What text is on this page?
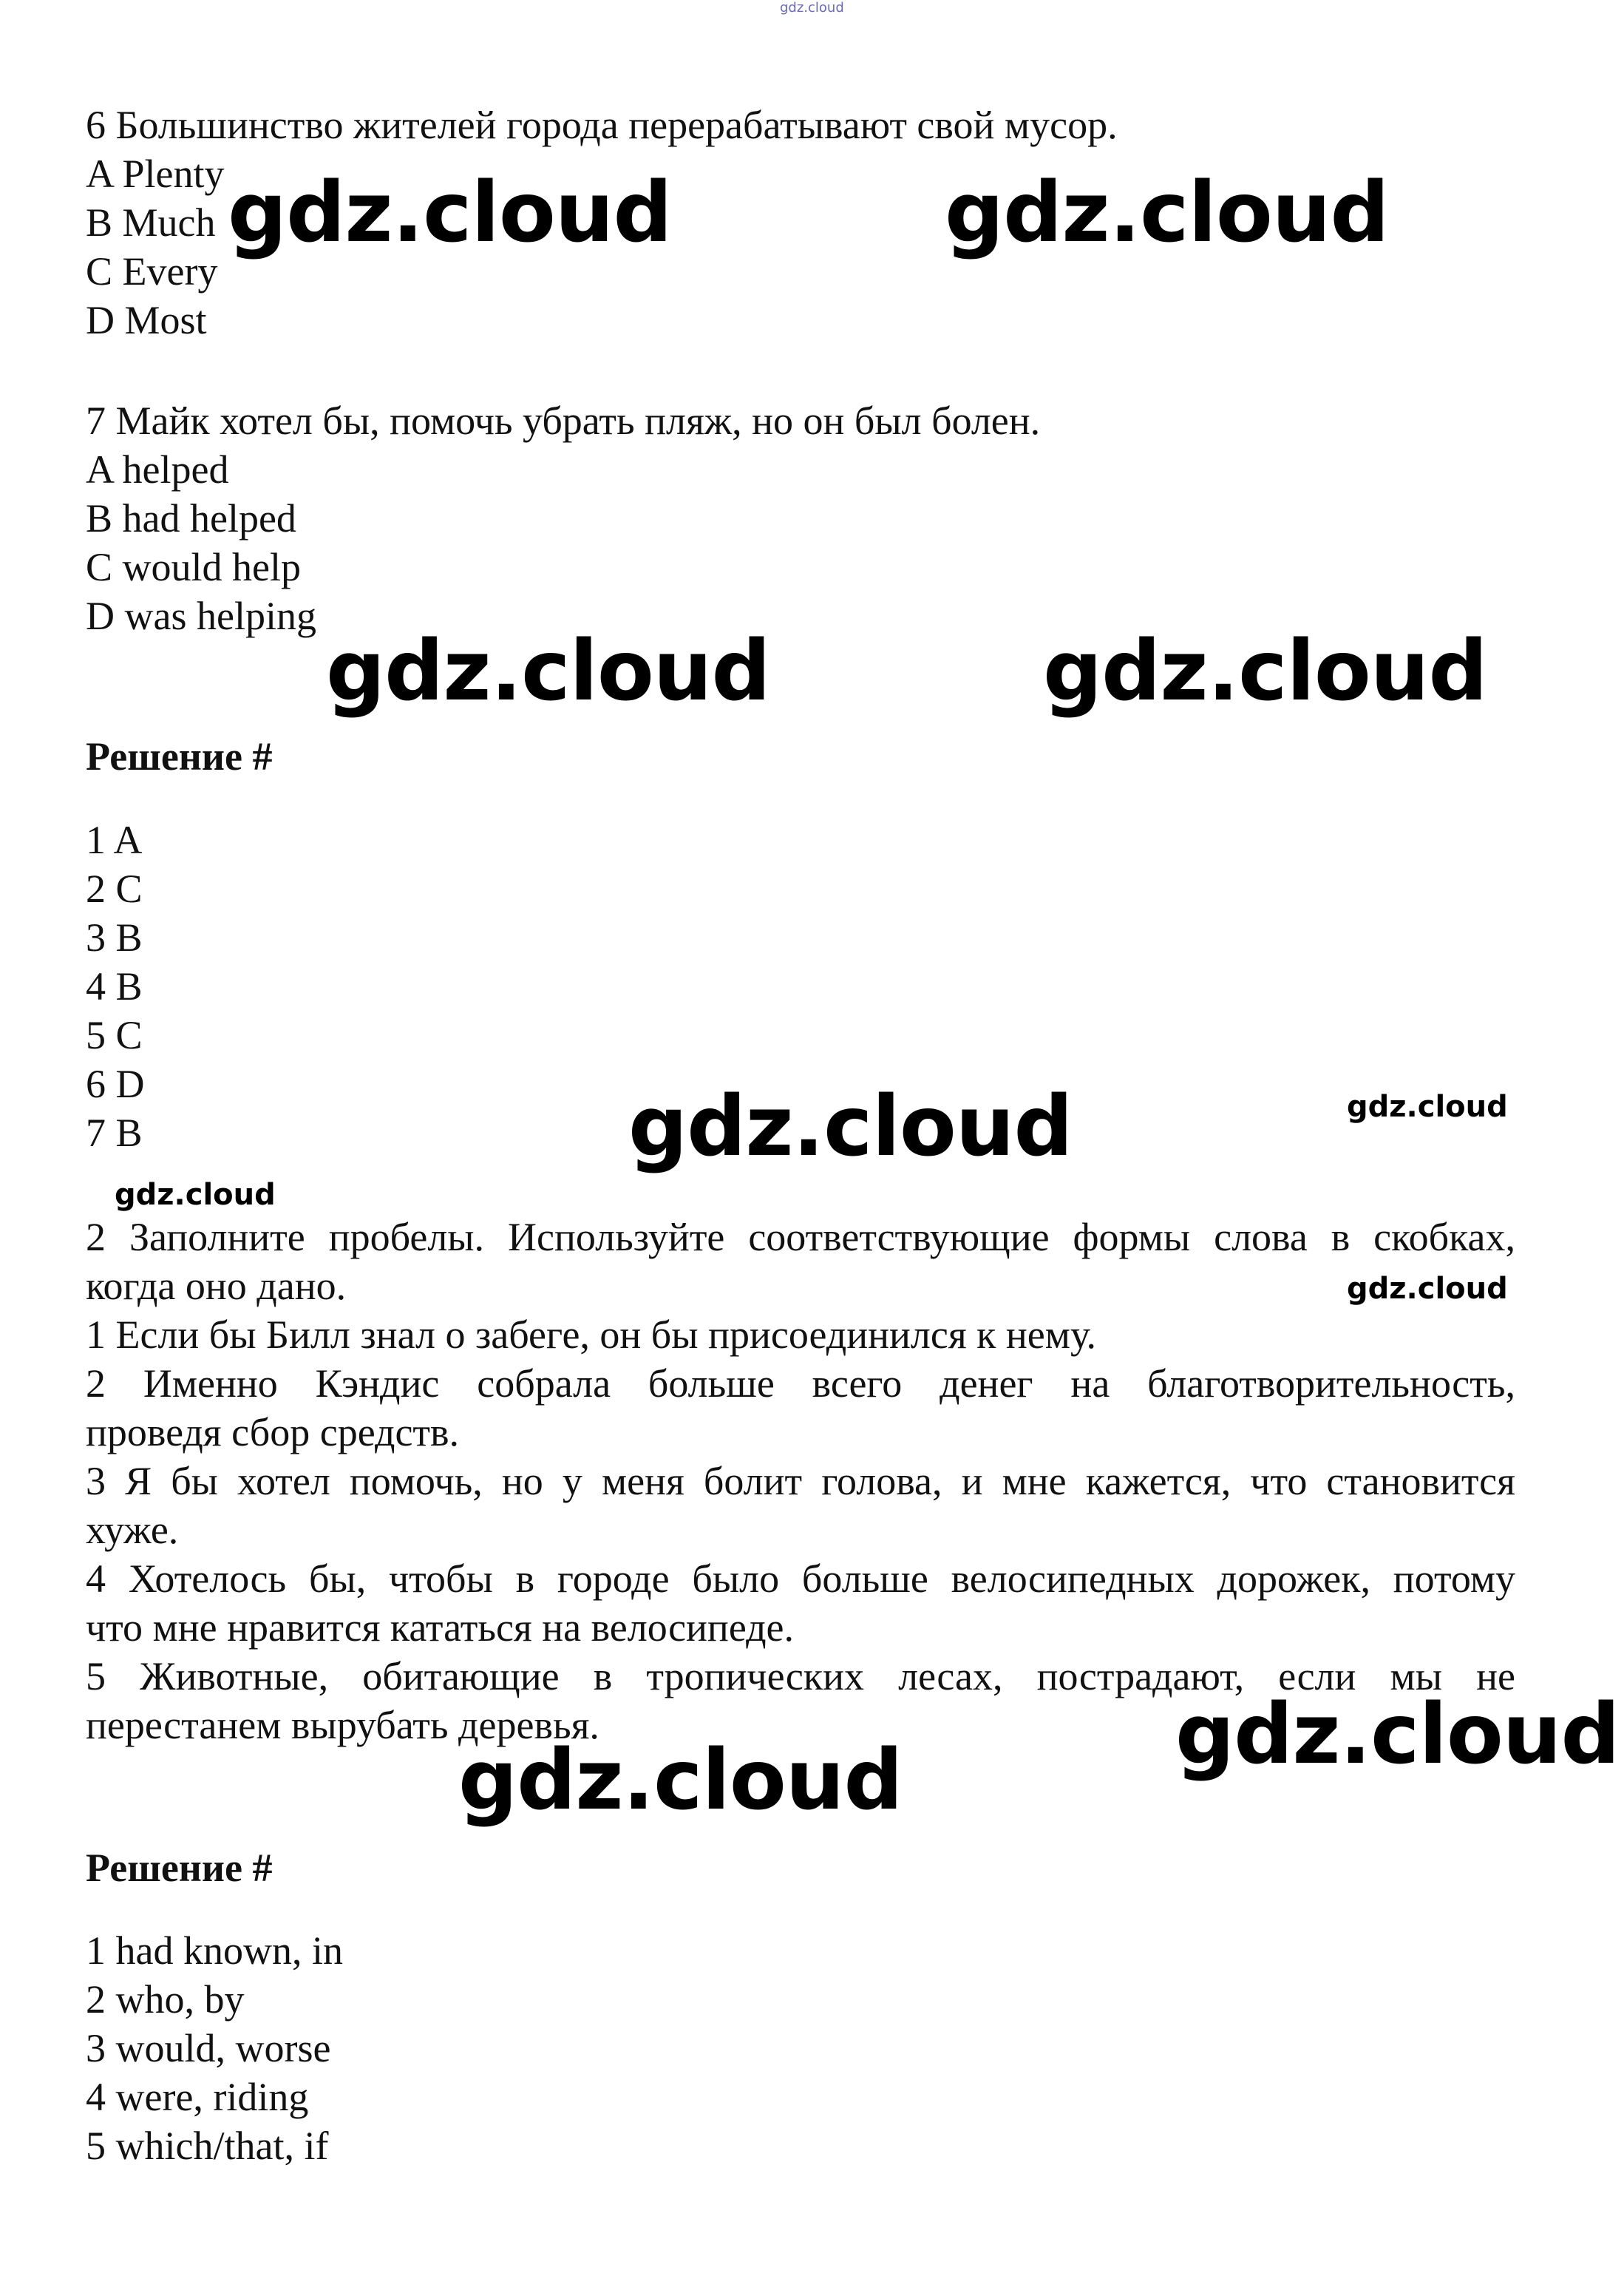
gdz.cloud
6 Большинство жителей города перерабатывают свой мусор.
A Plenty
B Much
C Every
D Most
7 Майк хотел бы, помочь убрать пляж, но он был болен.
A helped
B had helped
C would help
D was helping
Решение #
1 A
2 C
3 B
4 B
5 C
6 D
7 B
2 Заполните пробелы. Используйте соответствующие формы слова в скобках,
когда оно дано.
1 Если бы Билл знал о забеге, он бы присоединился к нему.
2 Именно Кэндис собрала больше всего денег на благотворительность,
проведя сбор средств.
3 Я бы хотел помочь, но у меня болит голова, и мне кажется, что становится
хуже.
4 Хотелось бы, чтобы в городе было больше велосипедных дорожек, потому
что мне нравится кататься на велосипеде.
5 Животные, обитающие в тропических лесах, пострадают, если мы не
перестанем вырубать деревья.
Решение #
1 had known, in
2 who, by
3 would, worse
4 were, riding
5 which/that, if
gdz.cloud	gdz.cloud
gdz.cloud	gdz.cloud
gdz.cloud
gdz.cloud
gdz.cloud
gdz.cloud
gdz.cloud
gdz.cloud
